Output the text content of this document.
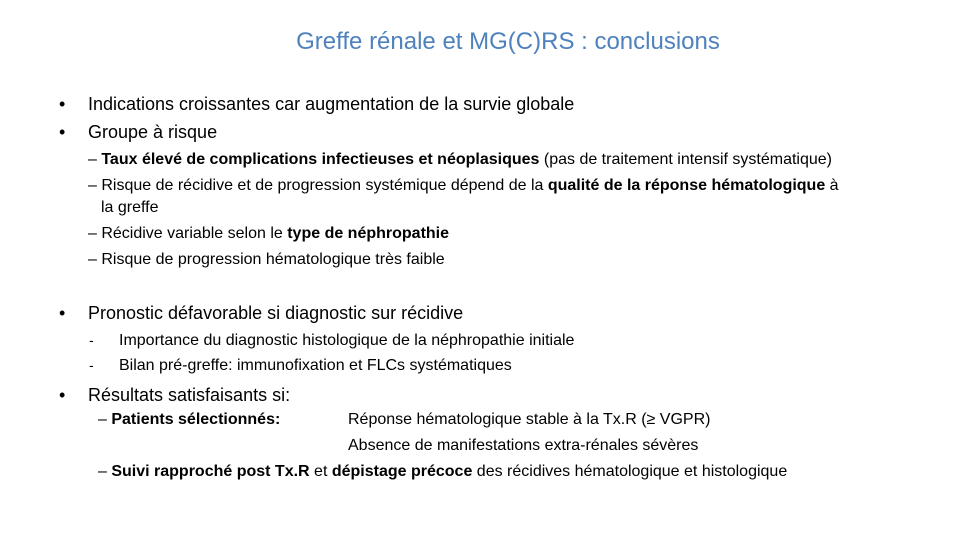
Greffe rénale et MG(C)RS : conclusions
• Indications croissantes car augmentation de la survie globale
• Groupe à risque
– Taux élevé de complications infectieuses et néoplasiques (pas de traitement intensif systématique)
– Risque de récidive et de progression systémique dépend de la qualité de la réponse hématologique à
la greffe
– Récidive variable selon le type de néphropathie
– Risque de progression hématologique très faible
• Pronostic défavorable si diagnostic sur récidive
- Importance du diagnostic histologique de la néphropathie initiale
- Bilan pré-greffe: immunofixation et FLCs systématiques
• Résultats satisfaisants si:
– Patients sélectionnés:	Réponse hématologique stable à la Tx.R (≥ VGPR)
Absence de manifestations extra-rénales sévères
– Suivi rapproché post Tx.R et dépistage précoce des récidives hématologique et histologique
